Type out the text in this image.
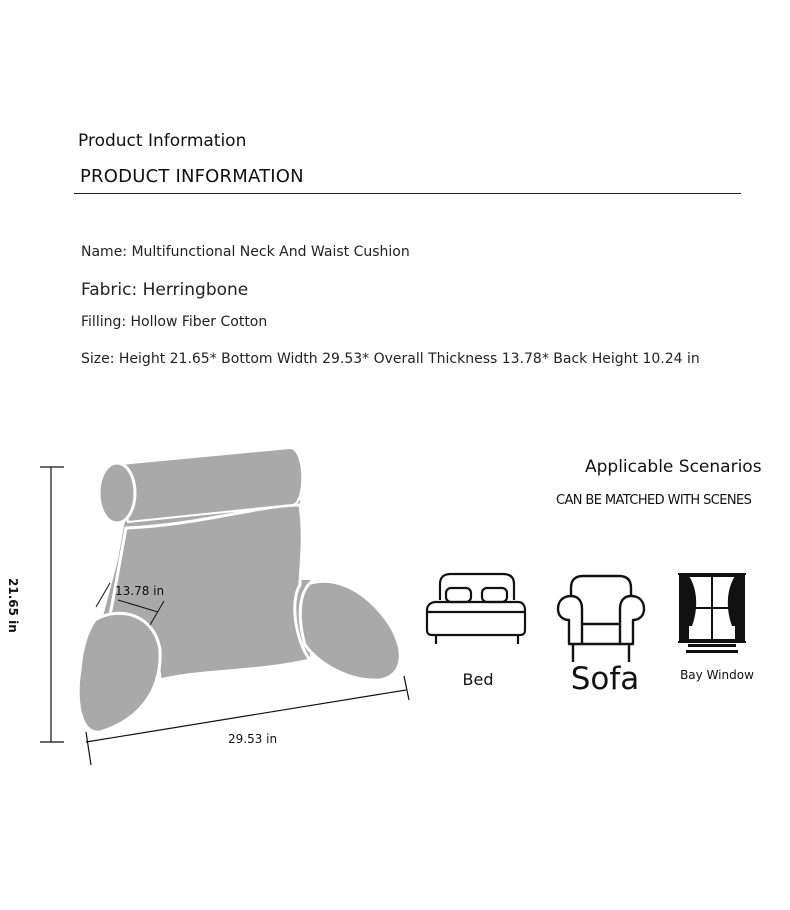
Product Information
PRODUCT INFORMATION
Name: Multifunctional Neck And Waist Cushion
Fabric: Herringbone
Filling: Hollow Fiber Cotton
Size: Height 21.65* Bottom Width 29.53* Overall Thickness 13.78* Back Height 10.24 in
21.65 in	13.78 in
29.53 in
Applicable Scenarios
CAN BE MATCHED WITH SCENES
Bed	Sofa	Bay Window
